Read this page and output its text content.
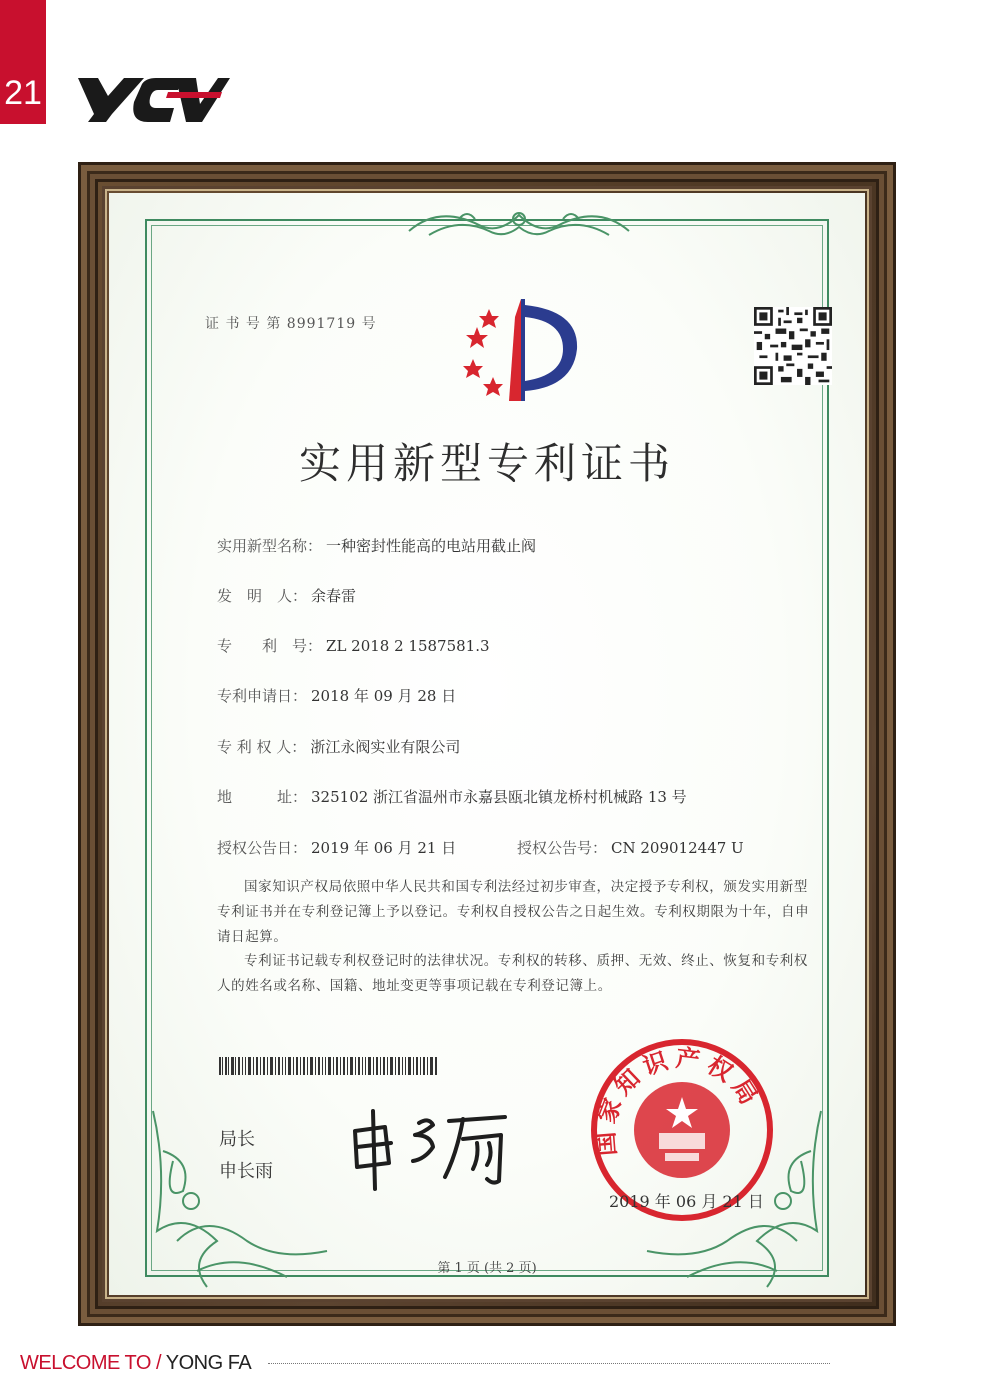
21
证 书 号 第 8991719 号
实用新型专利证书
实用新型名称： 一种密封性能高的电站用截止阀
发　明　人： 余春雷
专　　利　号： ZL 2018 2 1587581.3
专利申请日： 2018 年 09 月 28 日
专 利 权 人： 浙江永阀实业有限公司
地　　　址： 325102 浙江省温州市永嘉县瓯北镇龙桥村机械路 13 号
授权公告日： 2019 年 06 月 21 日	授权公告号： CN 209012447 U
国家知识产权局依照中华人民共和国专利法经过初步审查，决定授予专利权，颁发实用新型专利证书并在专利登记簿上予以登记。专利权自授权公告之日起生效。专利权期限为十年，自申请日起算。
专利证书记载专利权登记时的法律状况。专利权的转移、质押、无效、终止、恢复和专利权人的姓名或名称、国籍、地址变更等事项记载在专利登记簿上。
局长
申长雨
国家知识产权局
2019 年 06 月 21 日
第 1 页 (共 2 页)
WELCOME TO / YONG FA
